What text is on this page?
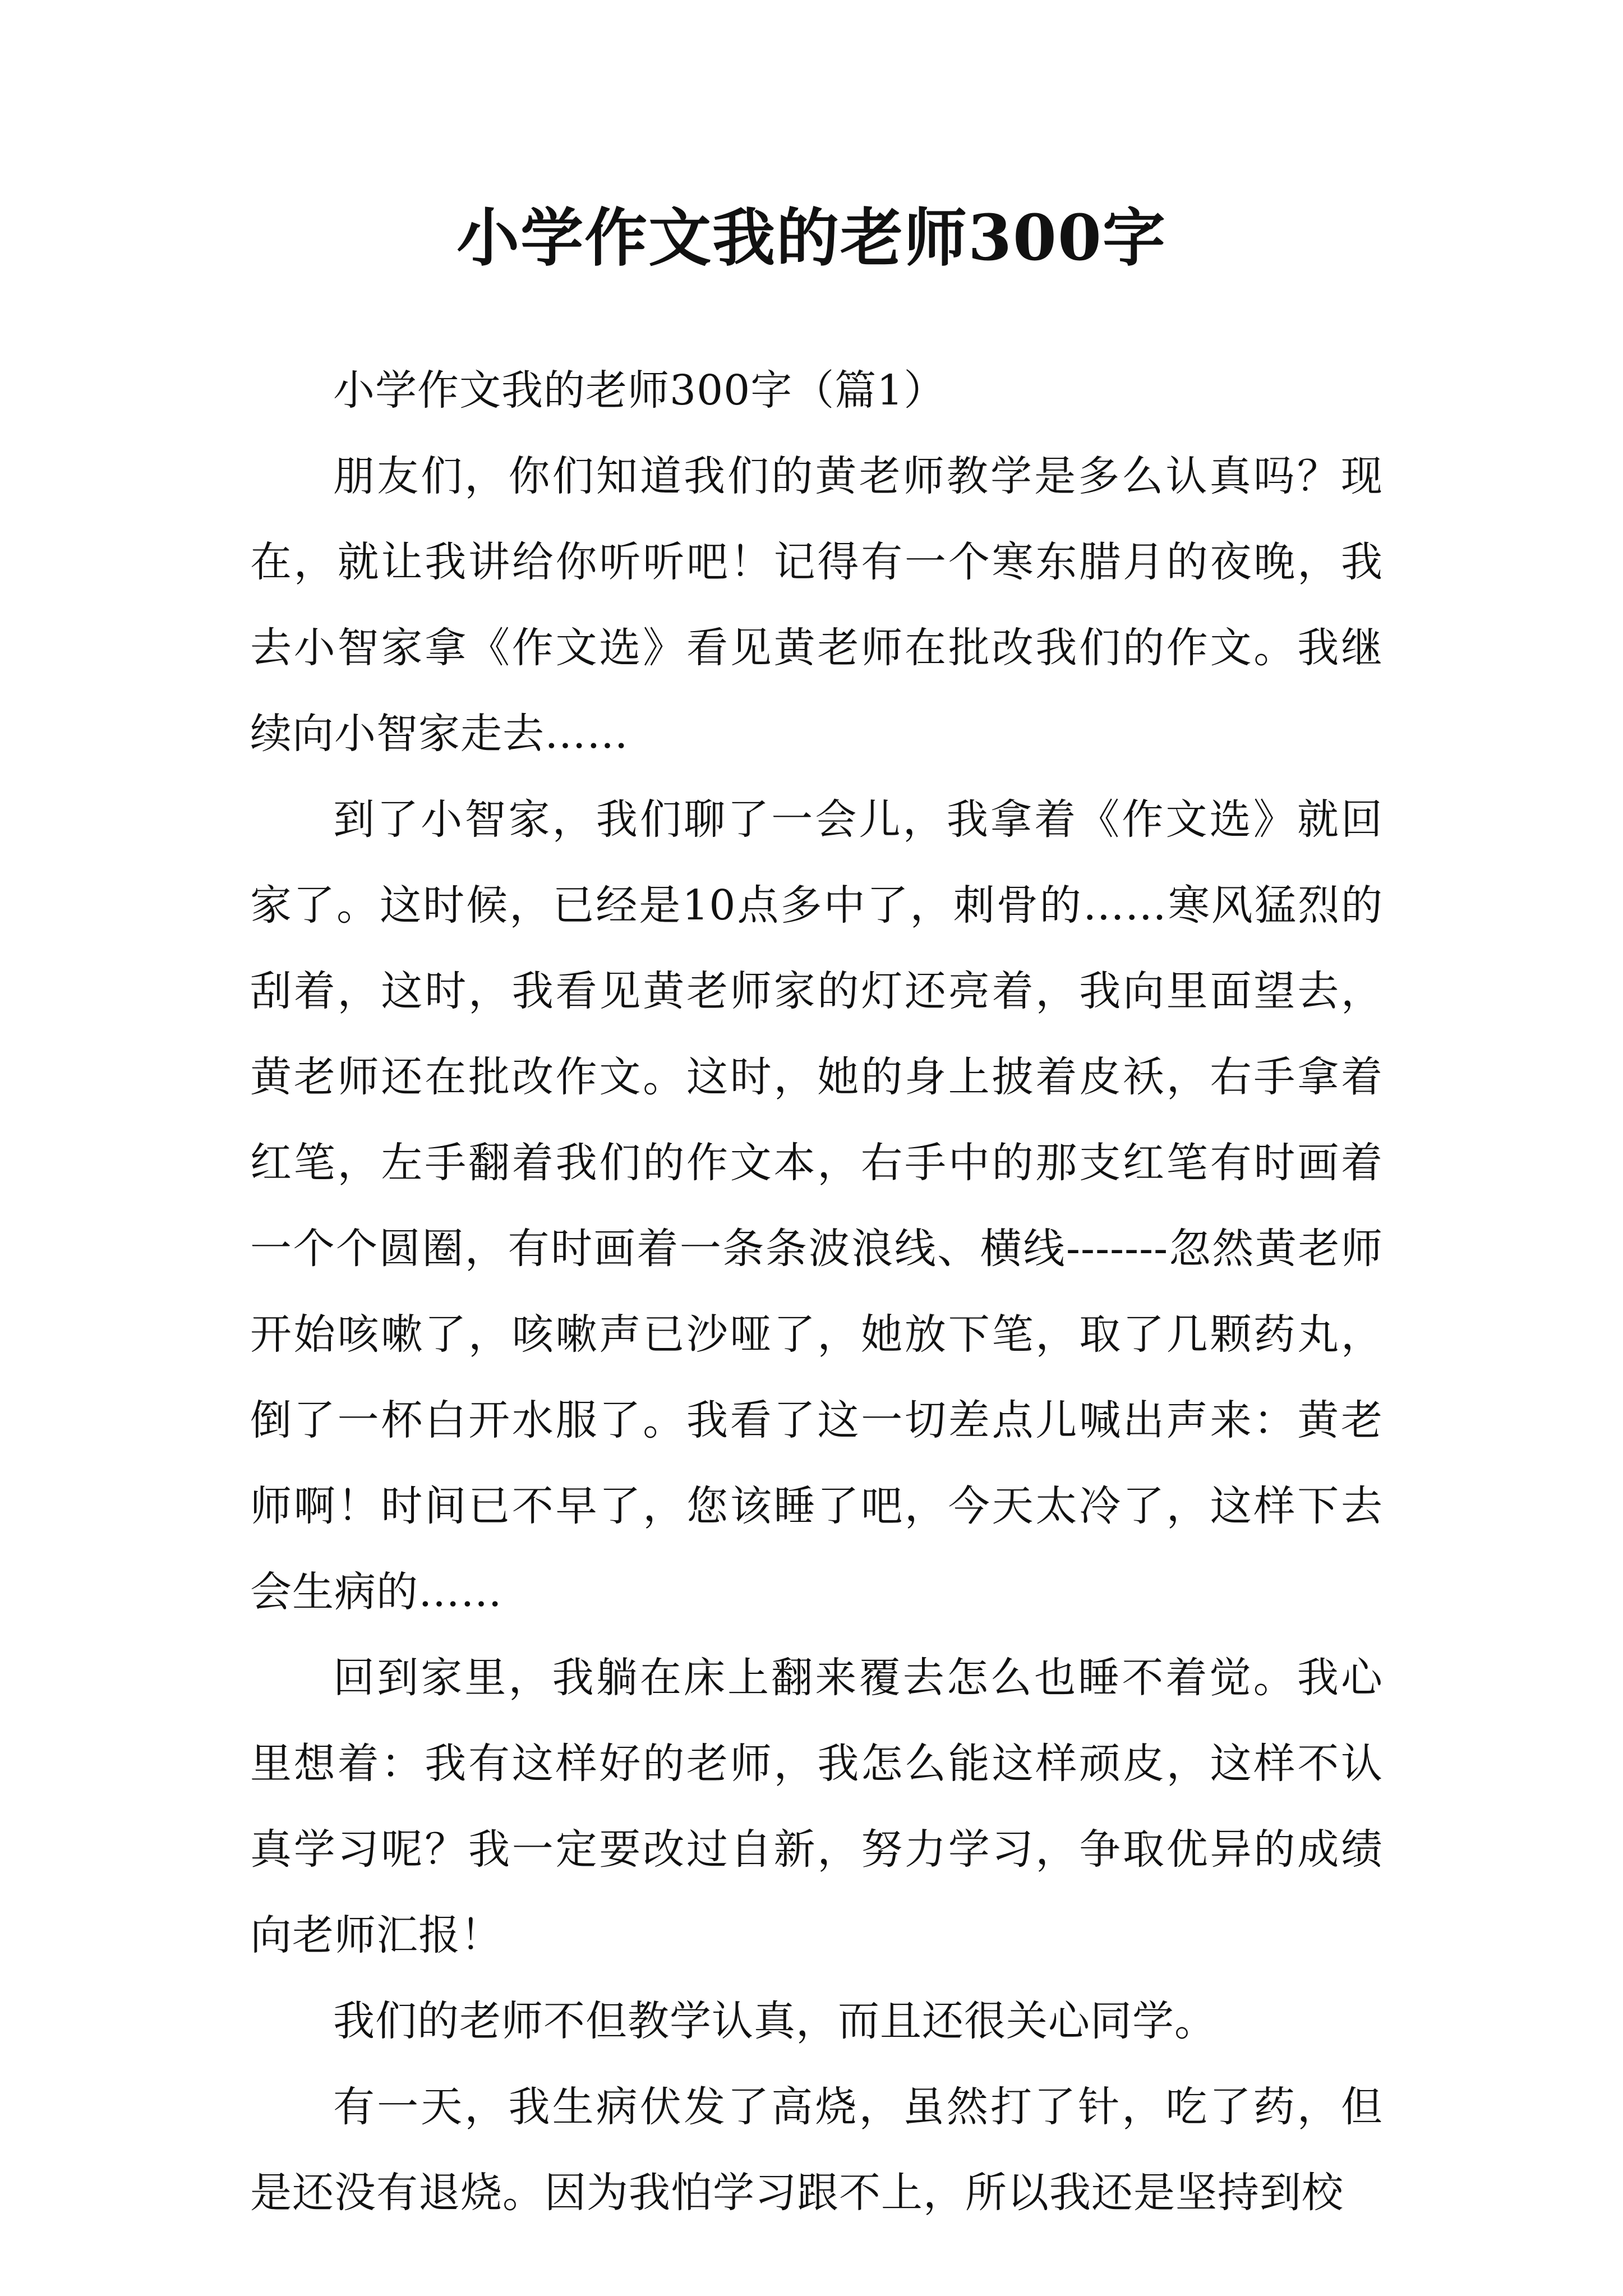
小学作文我的老师300字

小学作文我的老师300字（篇1）

朋友们，你们知道我们的黄老师教学是多么认真吗？现在，就让我讲给你听听吧！记得有一个寒东腊月的夜晚，我去小智家拿《作文选》看见黄老师在批改我们的作文。我继续向小智家走去……

到了小智家，我们聊了一会儿，我拿着《作文选》就回家了。这时候，已经是10点多中了，刺骨的……寒风猛烈的刮着，这时，我看见黄老师家的灯还亮着，我向里面望去，黄老师还在批改作文。这时，她的身上披着皮袄，右手拿着红笔，左手翻着我们的作文本，右手中的那支红笔有时画着一个个圆圈，有时画着一条条波浪线、横线-------忽然黄老师开始咳嗽了，咳嗽声已沙哑了，她放下笔，取了几颗药丸，倒了一杯白开水服了。我看了这一切差点儿喊出声来：黄老师啊！时间已不早了，您该睡了吧，今天太冷了，这样下去会生病的……

回到家里，我躺在床上翻来覆去怎么也睡不着觉。我心里想着：我有这样好的老师，我怎么能这样顽皮，这样不认真学习呢？我一定要改过自新，努力学习，争取优异的成绩向老师汇报！

我们的老师不但教学认真，而且还很关心同学。

有一天，我生病伏发了高烧，虽然打了针，吃了药，但是还没有退烧。因为我怕学习跟不上，所以我还是坚持到校
